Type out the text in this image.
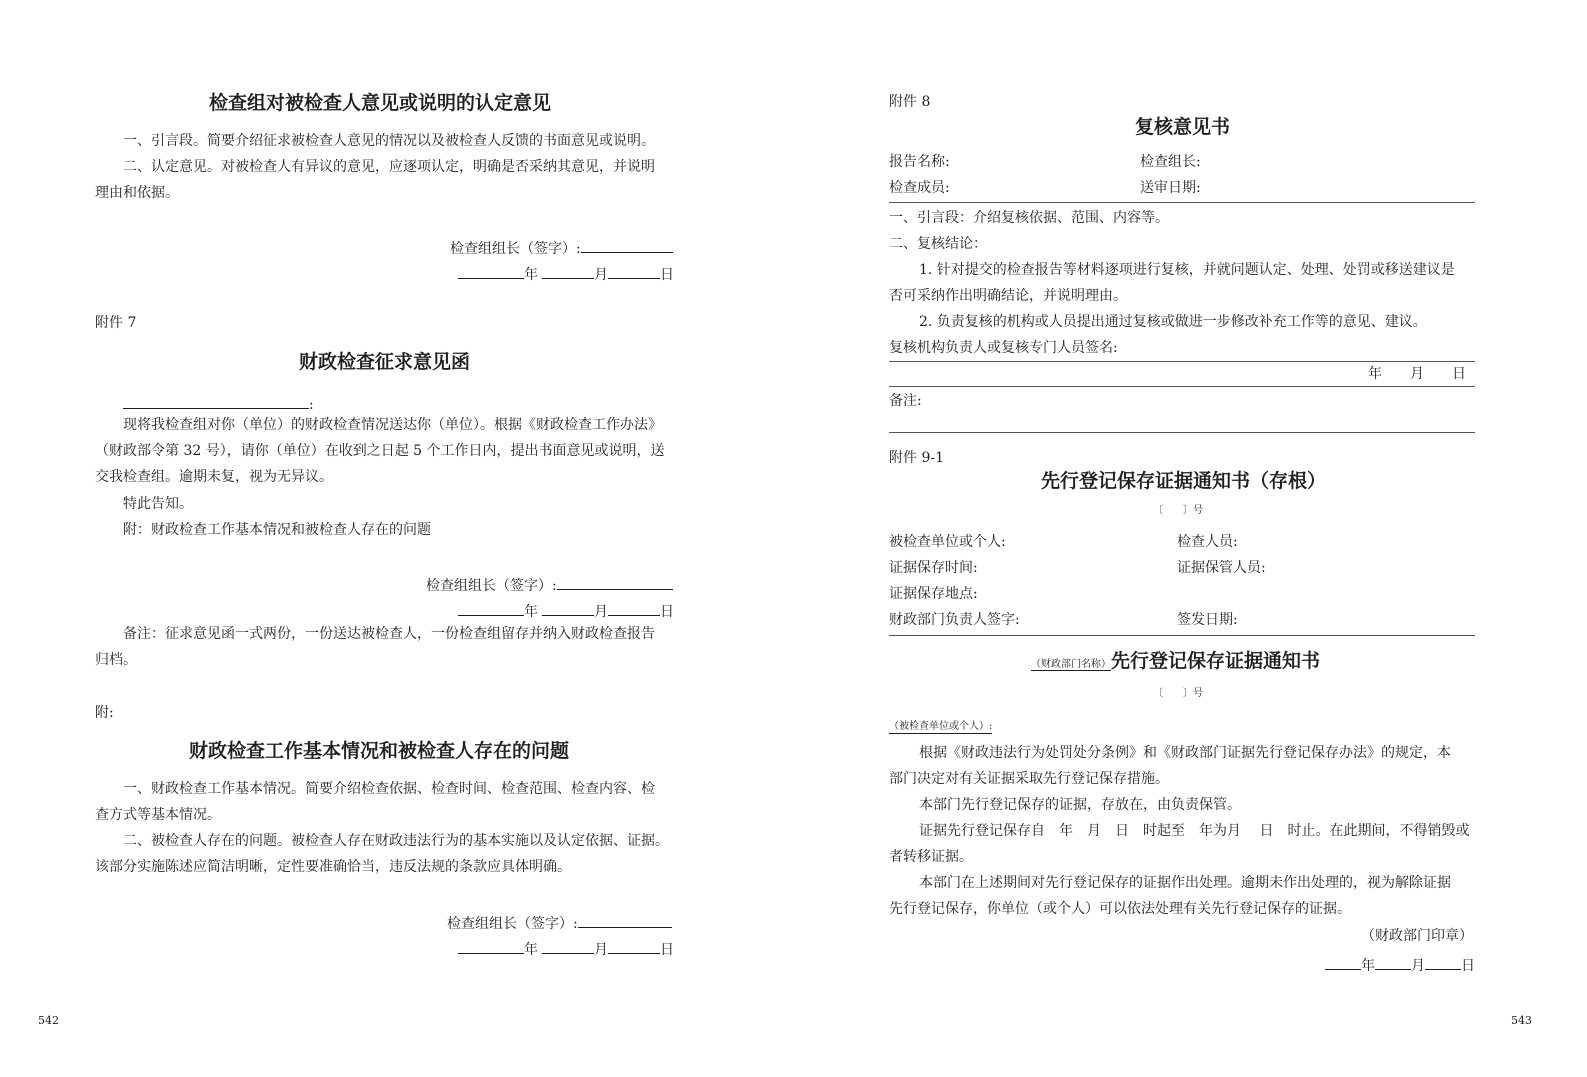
检查组对被检查人意见或说明的认定意见
一、引言段。简要介绍征求被检查人意见的情况以及被检查人反馈的书面意见或说明。
二、认定意见。对被检查人有异议的意见，应逐项认定，明确是否采纳其意见，并说明
理由和依据。
检查组组长（签字）:
年	月	日
附件 7
财政检查征求意见函
:
现将我检查组对你（单位）的财政检查情况送达你（单位）。根据《财政检查工作办法》
（财政部令第 32 号），请你（单位）在收到之日起 5 个工作日内，提出书面意见或说明，送
交我检查组。逾期未复，视为无异议。
特此告知。
附：财政检查工作基本情况和被检查人存在的问题
检查组组长（签字）:
年	月	日
备注：征求意见函一式两份，一份送达被检查人，一份检查组留存并纳入财政检查报告
归档。
附:
财政检查工作基本情况和被检查人存在的问题
一、财政检查工作基本情况。简要介绍检查依据、检查时间、检查范围、检查内容、检
查方式等基本情况。
二、被检查人存在的问题。被检查人存在财政违法行为的基本实施以及认定依据、证据。
该部分实施陈述应简洁明晰，定性要准确恰当，违反法规的条款应具体明确。
检查组组长（签字）:
年	月	日
542
附件 8
复核意见书
报告名称:	检查组长:
检查成员:	送审日期:
一、引言段：介绍复核依据、范围、内容等。
二、复核结论：
1. 针对提交的检查报告等材料逐项进行复核，并就问题认定、处理、处罚或移送建议是
否可采纳作出明确结论，并说明理由。
2. 负责复核的机构或人员提出通过复核或做进一步修改补充工作等的意见、建议。
复核机构负责人或复核专门人员签名:
年　　月　　日
备注:
附件 9-1
先行登记保存证据通知书（存根）
〔　　〕号
被检查单位或个人:	检查人员:
证据保存时间:	证据保管人员:
证据保存地点:
财政部门负责人签字:	签发日期:
（财政部门名称）先行登记保存证据通知书
〔　　〕号
（被检查单位或个人）:
根据《财政违法行为处罚处分条例》和《财政部门证据先行登记保存办法》的规定，本
部门决定对有关证据采取先行登记保存措施。
本部门先行登记保存的证据，存放在，由负责保管。
证据先行登记保存自　年　月　日　时起至　年为月　 日　时止。在此期间，不得销毁或
者转移证据。
本部门在上述期间对先行登记保存的证据作出处理。逾期未作出处理的，视为解除证据
先行登记保存，你单位（或个人）可以依法处理有关先行登记保存的证据。
（财政部门印章）
年	月	日
543
